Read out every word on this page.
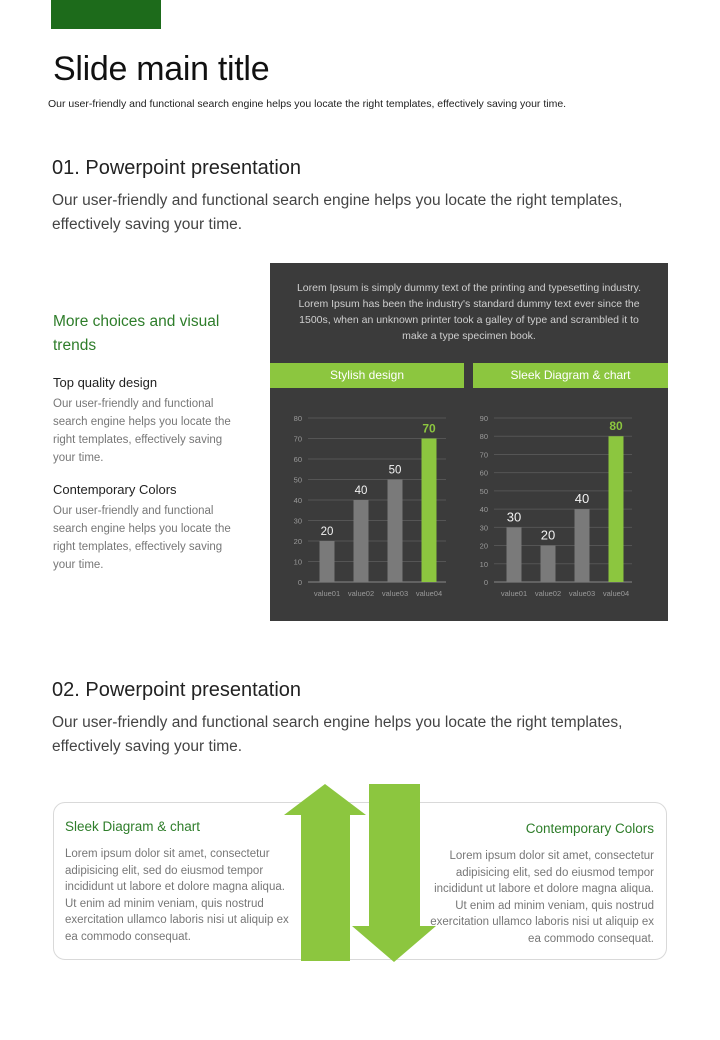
Slide main title
Our user-friendly and functional search engine helps you locate the right templates, effectively saving your time.
01. Powerpoint presentation
Our user-friendly and functional search engine helps you locate the right templates, effectively saving your time.
More choices and visual trends
Top quality design
Our user-friendly and functional search engine helps you locate the right templates, effectively saving your time.
Contemporary Colors
Our user-friendly and functional search engine helps you locate the right templates, effectively saving your time.
Lorem Ipsum is simply dummy text of the printing and typesetting industry. Lorem Ipsum has been the industry's standard dummy text ever since the 1500s, when an unknown printer took a galley of type and scrambled it to make a type specimen book.
Stylish design	Sleek Diagram & chart
0
10
20
30
40
50
60
70
80
20
value01
40
value02
50
value03
70
value04
0
10
20
30
40
50
60
70
80
90
30
value01
20
value02
40
value03
80
value04
02. Powerpoint presentation
Our user-friendly and functional search engine helps you locate the right templates, effectively saving your time.
Sleek Diagram & chart
Lorem ipsum dolor sit amet, consectetur adipisicing elit, sed do eiusmod tempor incididunt ut labore et dolore magna aliqua. Ut enim ad minim veniam, quis nostrud exercitation ullamco laboris nisi ut aliquip ex ea commodo consequat.
Contemporary Colors
Lorem ipsum dolor sit amet, consectetur adipisicing elit, sed do eiusmod tempor incididunt ut labore et dolore magna aliqua. Ut enim ad minim veniam, quis nostrud exercitation ullamco laboris nisi ut aliquip ex ea commodo consequat.
